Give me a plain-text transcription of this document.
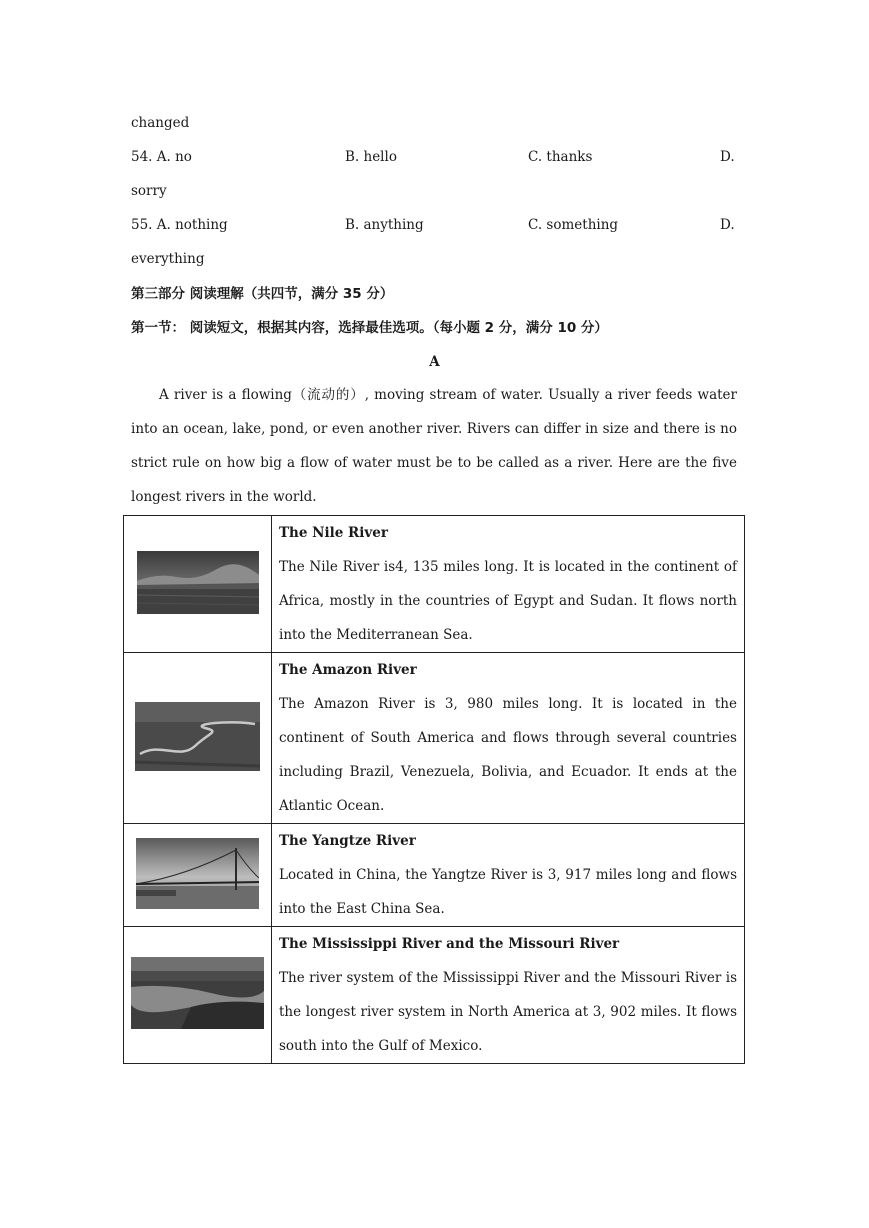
changed
54. A. no	B. hello	C. thanks	D.
sorry
55. A. nothing	B. anything	C. something	D.
everything
第三部分 阅读理解（共四节，满分 35 分）
第一节： 阅读短文，根据其内容，选择最佳选项。（每小题 2 分，满分 10 分）
A
A river is a flowing（流动的）, moving stream of water. Usually a river feeds water into an ocean, lake, pond, or even another river. Rivers can differ in size and there is no strict rule on how big a flow of water must be to be called as a river. Here are the five longest rivers in the world.

The Nile River
The Nile River is4, 135 miles long. It is located in the continent of Africa, mostly in the countries of Egypt and Sudan. It flows north into the Mediterranean Sea.

The Amazon River
The Amazon River is 3, 980 miles long. It is located in the continent of South America and flows through several countries including Brazil, Venezuela, Bolivia, and Ecuador. It ends at the Atlantic Ocean.

The Yangtze River
Located in China, the Yangtze River is 3, 917 miles long and flows into the East China Sea.

The Mississippi River and the Missouri River
The river system of the Mississippi River and the Missouri River is the longest river system in North America at 3, 902 miles. It flows south into the Gulf of Mexico.
